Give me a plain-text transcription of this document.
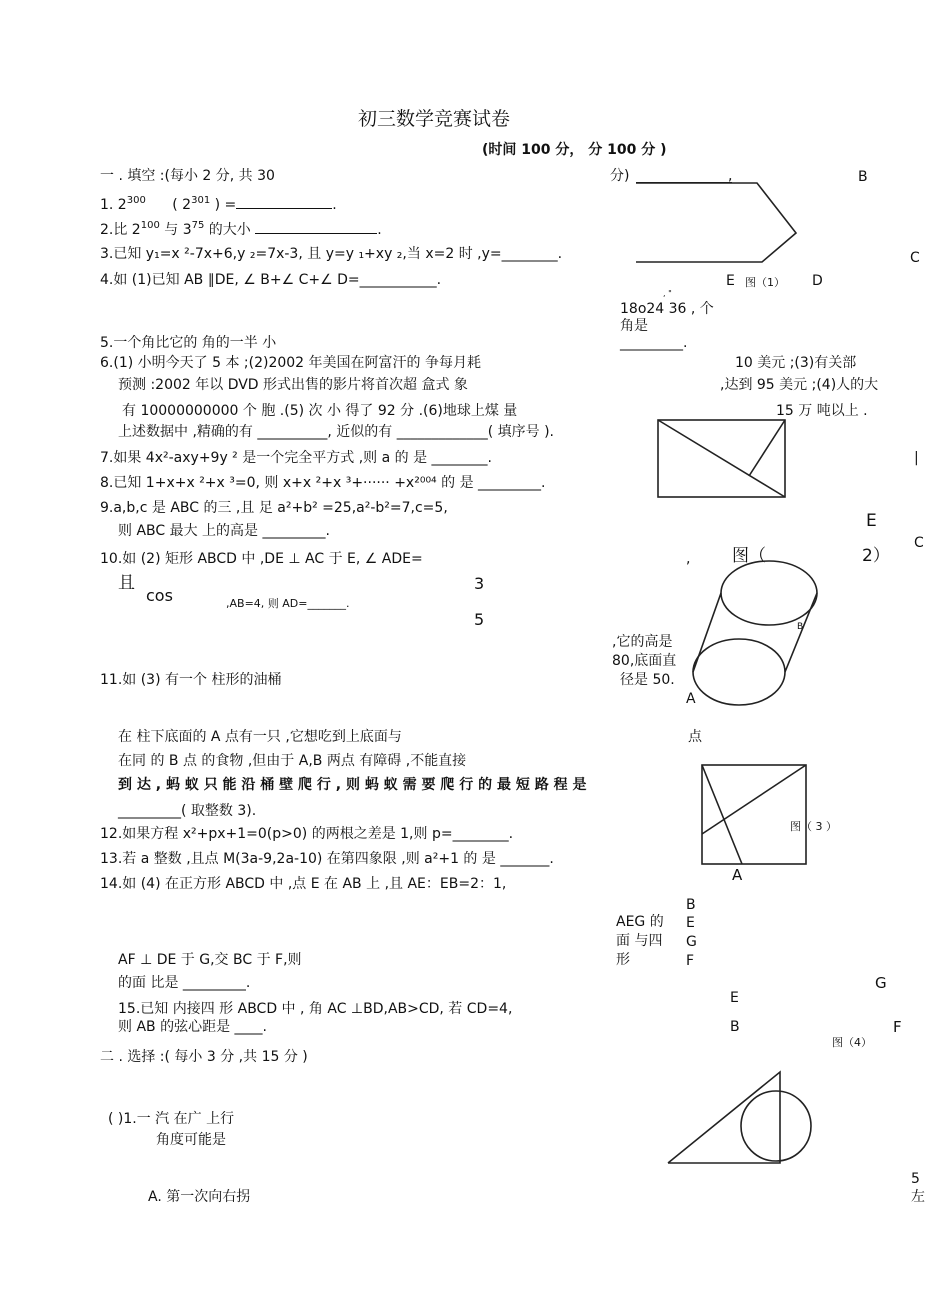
初三数学竞赛试卷
(时间 100 分， 分 100 分 )
一 . 填空 :(每小 2 分, 共 30	分)
1. $2^{300}$ ( $2^{301}$ ) =	.
2.比 $2^{100}$ 与 $3^{75}$ 的大小	.
3.已知 y₁=x ²-7x+6,y ₂=7x-3, 且 y=y ₁+xy ₂,当 x=2 时 ,y=________.
4.如 (1)已知 AB ∥DE, ∠ B+∠ C+∠ D=___________.
,	B
C
E 图（1） D
, "
18o24 36 , 个
角是
_________.
5.一个角比它的 角的一半 小
6.(1) 小明今天了 5 本 ;(2)2002 年美国在阿富汗的 争每月耗	10 美元 ;(3)有关部
预测 :2002 年以 DVD 形式出售的影片将首次超 盒式 象	,达到 95 美元 ;(4)人的大
有 10000000000 个 胞 .(5) 次 小 得了 92 分 .(6)地球上煤 量	15 万 吨以上 .
上述数据中 ,精确的有 __________, 近似的有 _____________( 填序号 ).
|
7.如果 4x²-axy+9y ² 是一个完全平方式 ,则 a 的 是 ________.
8.已知 1+x+x ²+x ³=0, 则 x+x ²+x ³+······ +x²⁰⁰⁴ 的 是 _________.
9.a,b,c 是 ABC 的三 ,且 足 a²+b² =25,a²-b²=7,c=5,
则 ABC 最大 上的高是 _________.	E
C
10.如 (2) 矩形 ABCD 中 ,DE ⊥ AC 于 E, ∠ ADE=	, 图（	2）
且
cos
3
5
,AB=4, 则 AD=_______.
B
,它的高是
80,底面直
径是 50.
11.如 (3) 有一个 柱形的油桶
A
在 柱下底面的 A 点有一只 ,它想吃到上底面与	点
在同 的 B 点 的食物 ,但由于 A,B 两点 有障碍 ,不能直接
到 达 , 蚂 蚁 只 能 沿 桶 壁 爬 行 , 则 蚂 蚁 需 要 爬 行 的 最 短 路 程 是
_________( 取整数 3).
图（ 3 ）
12.如果方程 x²+px+1=0(p>0) 的两根之差是 1,则 p=________.
13.若 a 整数 ,且点 M(3a-9,2a-10) 在第四象限 ,则 a²+1 的 是 _______.
A
14.如 (4) 在正方形 ABCD 中 ,点 E 在 AB 上 ,且 AE：EB=2：1,
B
AEG 的 E
面 与四 G
形	F
AF ⊥ DE 于 G,交 BC 于 F,则
的面 比是 _________.	G
E
15.已知 内接四 形 ABCD 中 , 角 AC ⊥BD,AB>CD, 若 CD=4,
则 AB 的弦心距是 ____.	B	F
图（4）
二 . 选择 :( 每小 3 分 ,共 15 分 )
( )1.一 汽 在广 上行
角度可能是
A. 第一次向右拐
5
左
